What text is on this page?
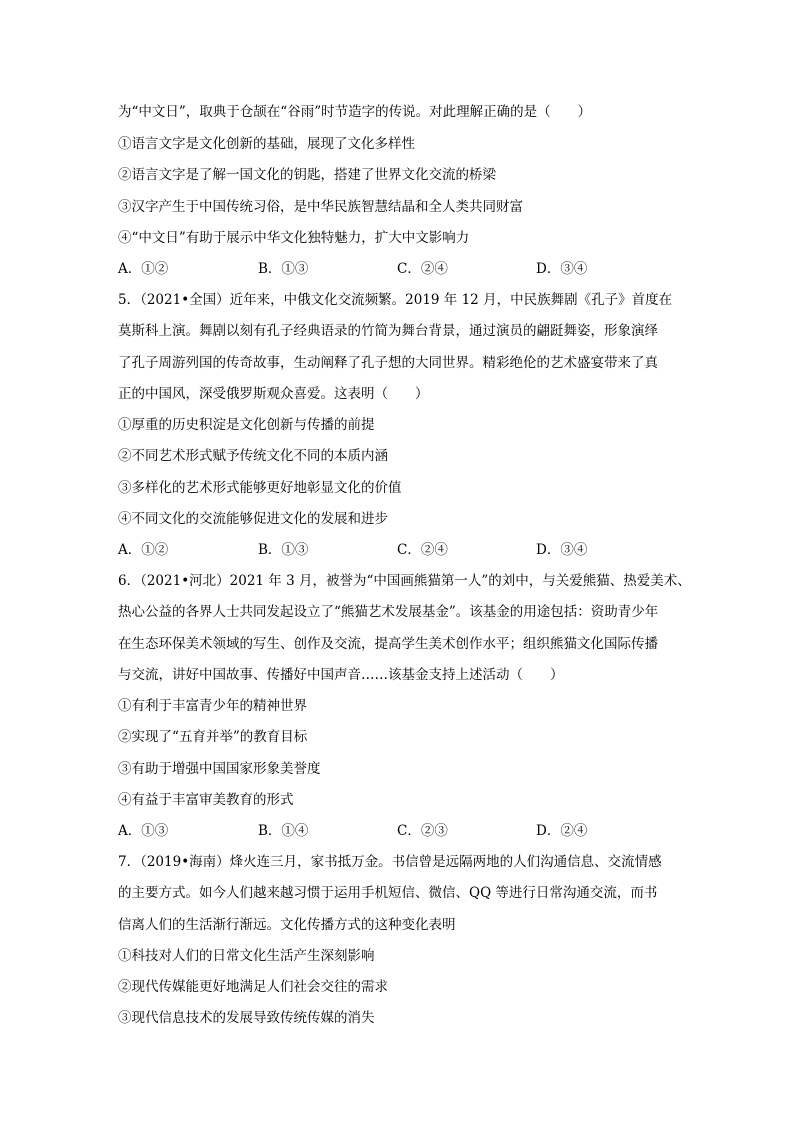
为“中文日”，取典于仓颉在“谷雨”时节造字的传说。对此理解正确的是（　　）
①语言文字是文化创新的基础，展现了文化多样性
②语言文字是了解一国文化的钥匙，搭建了世界文化交流的桥梁
③汉字产生于中国传统习俗，是中华民族智慧结晶和全人类共同财富
④“中文日”有助于展示中华文化独特魅力，扩大中文影响力
A．①②	B．①③	C．②④	D．③④
5．（2021•全国）近年来，中俄文化交流频繁。2019 年 12 月，中民族舞剧《孔子》首度在
莫斯科上演。舞剧以刻有孔子经典语录的竹简为舞台背景，通过演员的翩跹舞姿，形象演绎
了孔子周游列国的传奇故事，生动阐释了孔子想的大同世界。精彩绝伦的艺术盛宴带来了真
正的中国风，深受俄罗斯观众喜爱。这表明（　　）
①厚重的历史积淀是文化创新与传播的前提
②不同艺术形式赋予传统文化不同的本质内涵
③多样化的艺术形式能够更好地彰显文化的价值
④不同文化的交流能够促进文化的发展和进步
A．①②	B．①③	C．②④	D．③④
6．（2021•河北）2021 年 3 月，被誉为“中国画熊猫第一人”的刘中，与关爱熊猫、热爱美术、
热心公益的各界人士共同发起设立了“熊猫艺术发展基金”。该基金的用途包括：资助青少年
在生态环保美术领域的写生、创作及交流，提高学生美术创作水平；组织熊猫文化国际传播
与交流，讲好中国故事、传播好中国声音……该基金支持上述活动（　　）
①有利于丰富青少年的精神世界
②实现了“五育并举”的教育目标
③有助于增强中国国家形象美誉度
④有益于丰富审美教育的形式
A．①③	B．①④	C．②③	D．②④
7．（2019•海南）烽火连三月，家书抵万金。书信曾是远隔两地的人们沟通信息、交流情感
的主要方式。如今人们越来越习惯于运用手机短信、微信、QQ 等进行日常沟通交流，而书
信离人们的生活渐行渐远。文化传播方式的这种变化表明
①科技对人们的日常文化生活产生深刻影响
②现代传媒能更好地满足人们社会交往的需求
③现代信息技术的发展导致传统传媒的消失
